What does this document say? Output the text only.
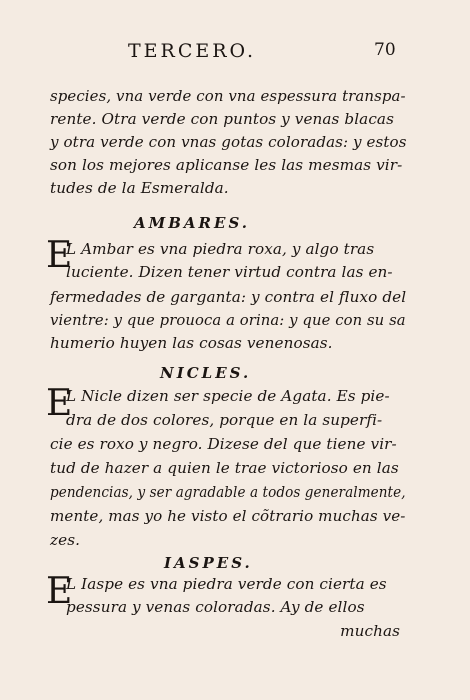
TERCERO.	70
species, vna verde con vna espessura transpa-
rente. Otra verde con puntos y venas blacas
y otra verde con vnas gotas coloradas: y estos
son los mejores aplicanse les las mesmas vir-
tudes de la Esmeralda.
AMBARES.
E
L Ambar es vna piedra roxa, y algo tras
luciente. Dizen tener virtud contra las en-
fermedades de garganta: y contra el fluxo del
vientre: y que prouoca a orina: y que con su sa
humerio huyen las cosas venenosas.
NICLES.
E
L Nicle dizen ser specie de Agata. Es pie-
dra de dos colores, porque en la superfi-
cie es roxo y negro. Dizese del que tiene vir-
tud de hazer a quien le trae victorioso en las
pendencias, y ser agradable a todos generalmente,
mente, mas yo he visto el cõtrario muchas ve-
zes.
IASPES.
E
L Iaspe es vna piedra verde con cierta es
pessura y venas coloradas. Ay de ellos
muchas
